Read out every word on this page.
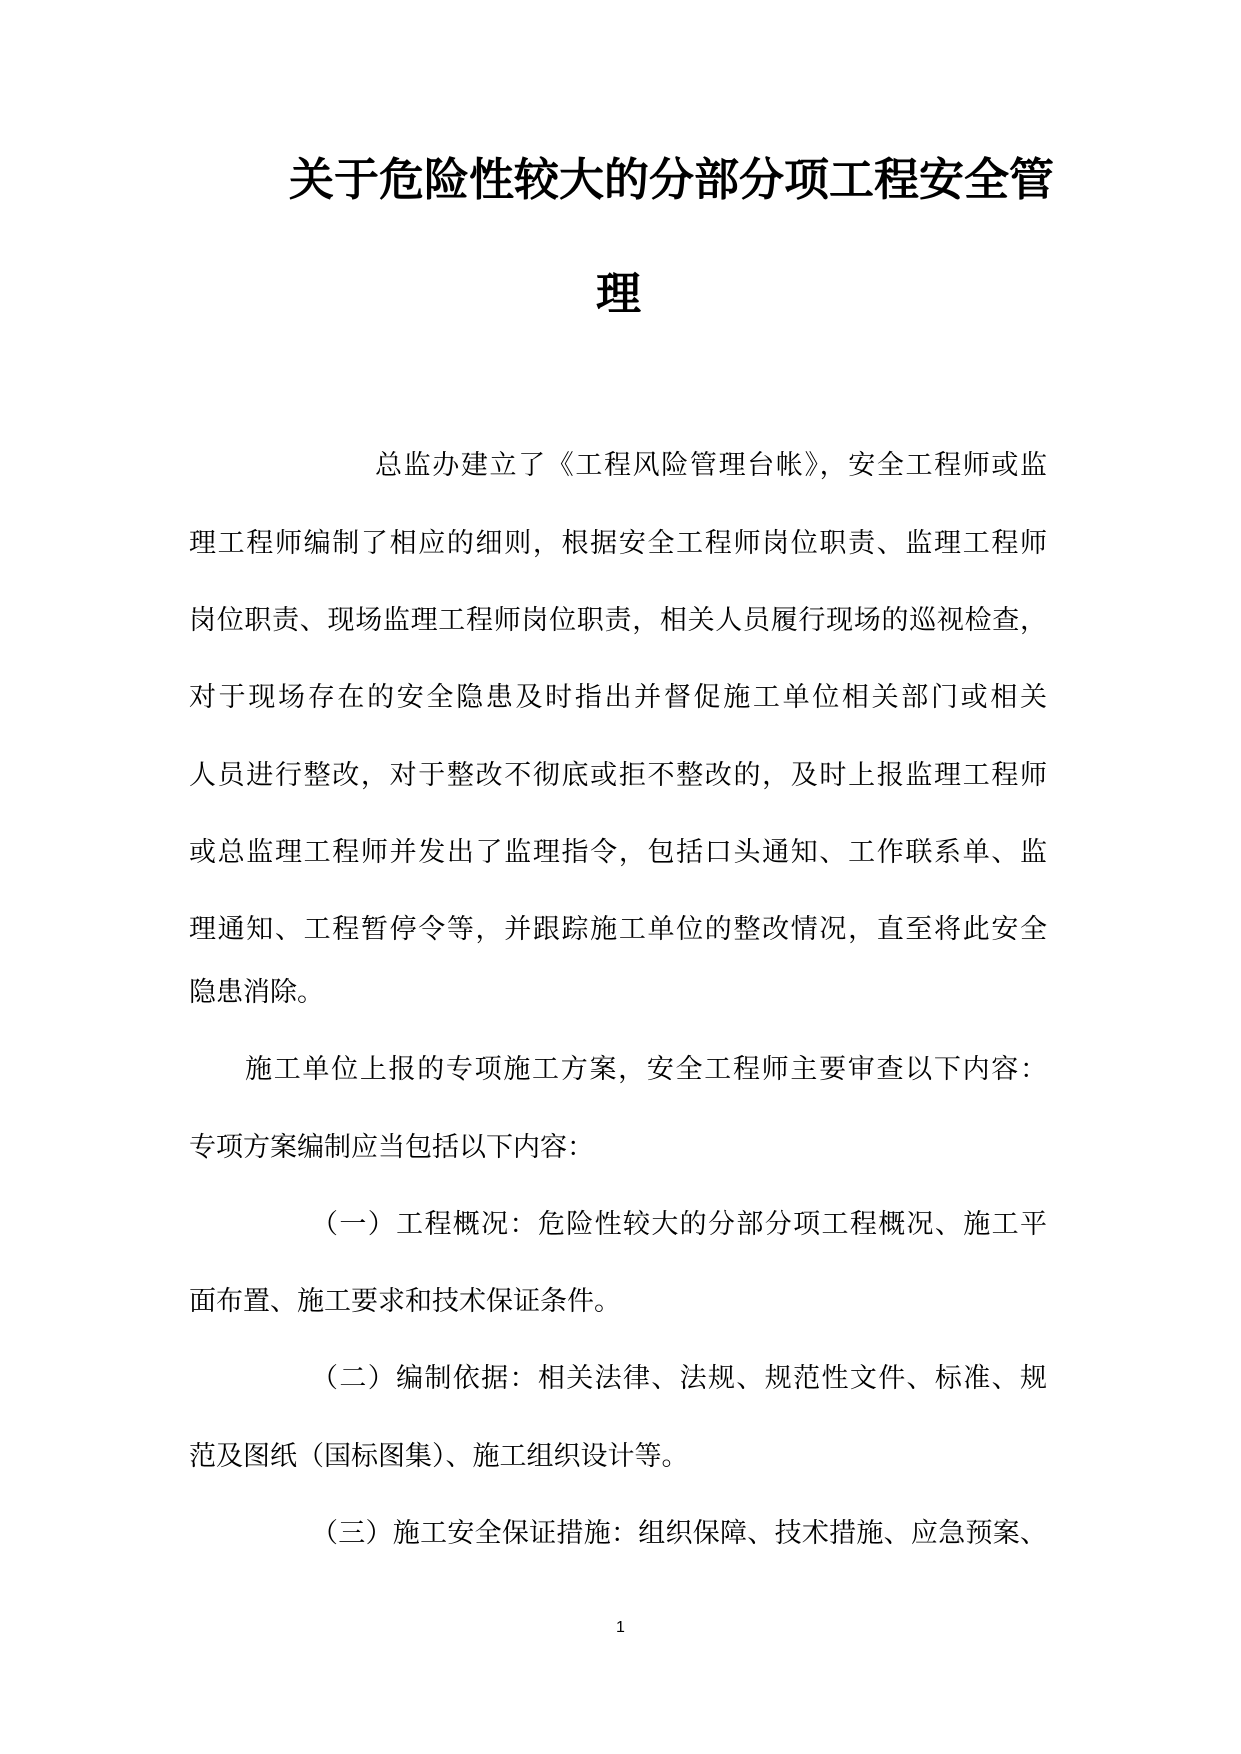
关于危险性较大的分部分项工程安全管
理
总监办建立了《工程风险管理台帐》，安全工程师或监
理工程师编制了相应的细则，根据安全工程师岗位职责、监理工程师
岗位职责、现场监理工程师岗位职责，相关人员履行现场的巡视检查，
对于现场存在的安全隐患及时指出并督促施工单位相关部门或相关
人员进行整改，对于整改不彻底或拒不整改的，及时上报监理工程师
或总监理工程师并发出了监理指令，包括口头通知、工作联系单、监
理通知、工程暂停令等，并跟踪施工单位的整改情况，直至将此安全
隐患消除。
施工单位上报的专项施工方案，安全工程师主要审查以下内容：
专项方案编制应当包括以下内容：
（一）工程概况：危险性较大的分部分项工程概况、施工平
面布置、施工要求和技术保证条件。
（二）编制依据：相关法律、法规、规范性文件、标准、规
范及图纸（国标图集）、施工组织设计等。
（三）施工安全保证措施：组织保障、技术措施、应急预案、
1
